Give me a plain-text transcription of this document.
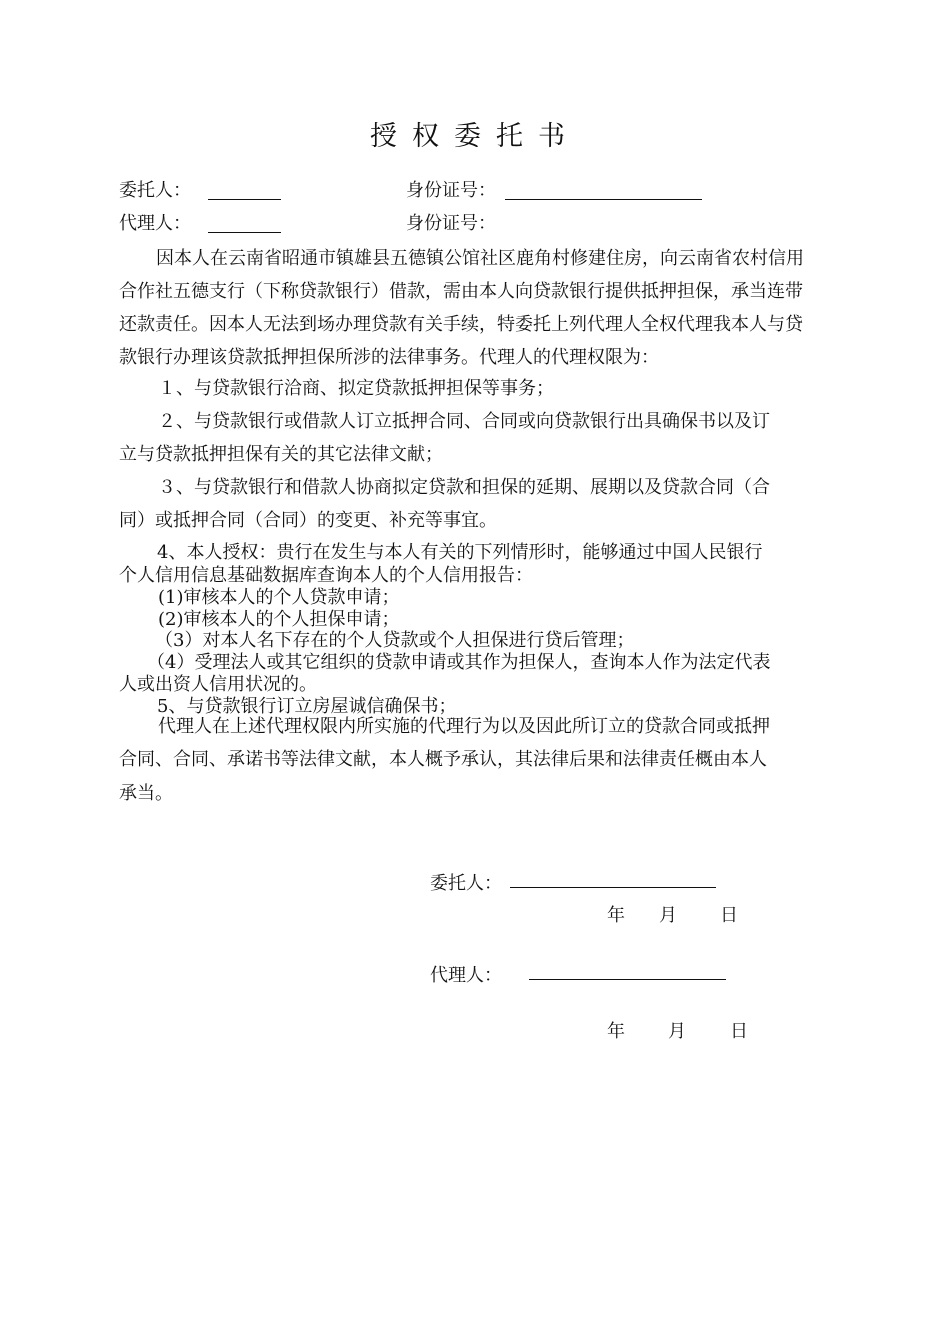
授权委托书
委托人：	身份证号：
代理人：	身份证号：
因本人在云南省昭通市镇雄县五德镇公馆社区鹿角村修建住房，向云南省农村信用
合作社五德支行（下称贷款银行）借款，需由本人向贷款银行提供抵押担保，承当连带
还款责任。因本人无法到场办理贷款有关手续，特委托上列代理人全权代理我本人与贷
款银行办理该贷款抵押担保所涉的法律事务。代理人的代理权限为：
１、与贷款银行洽商、拟定贷款抵押担保等事务；
２、与贷款银行或借款人订立抵押合同、合同或向贷款银行出具确保书以及订
立与贷款抵押担保有关的其它法律文献；
３、与贷款银行和借款人协商拟定贷款和担保的延期、展期以及贷款合同（合
同）或抵押合同（合同）的变更、补充等事宜。
4、本人授权：贵行在发生与本人有关的下列情形时，能够通过中国人民银行
个人信用信息基础数据库查询本人的个人信用报告：
(1)审核本人的个人贷款申请；
(2)审核本人的个人担保申请；
（3）对本人名下存在的个人贷款或个人担保进行贷后管理；
（4）受理法人或其它组织的贷款申请或其作为担保人，查询本人作为法定代表
人或出资人信用状况的。
5、与贷款银行订立房屋诚信确保书；
代理人在上述代理权限内所实施的代理行为以及因此所订立的贷款合同或抵押
合同、合同、承诺书等法律文献，本人概予承认，其法律后果和法律责任概由本人
承当。
委托人：
年 月 日
代理人：
年 月 日
